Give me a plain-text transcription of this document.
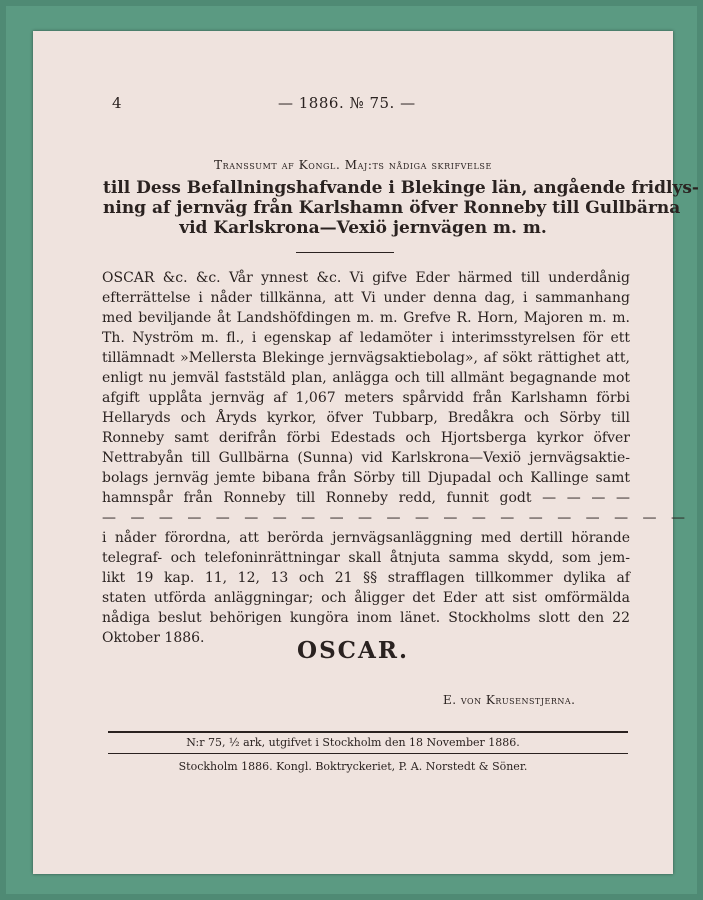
4	— 1886. № 75. —
Transsumt af Kongl. Maj:ts nådiga skrifvelse
till Dess Befallningshafvande i Blekinge län, angående fridlys-
ning af jernväg från Karlshamn öfver Ronneby till Gullbärna
vid Karlskrona—Vexiö jernvägen m. m.
OSCAR &c. &c. Vår ynnest &c. Vi gifve Eder härmed till underdånig
efterrättelse i nåder tillkänna, att Vi under denna dag, i sammanhang
med beviljande åt Landshöfdingen m. m. Grefve R. Horn, Majoren m. m.
Th. Nyström m. fl., i egenskap af ledamöter i interimsstyrelsen för ett
tillämnadt »Mellersta Blekinge jernvägsaktiebolag», af sökt rättighet att,
enligt nu jemväl faststäld plan, anlägga och till allmänt begagnande mot
afgift upplåta jernväg af 1,067 meters spårvidd från Karlshamn förbi
Hellaryds och Åryds kyrkor, öfver Tubbarp, Bredåkra och Sörby till
Ronneby samt derifrån förbi Edestads och Hjortsberga kyrkor öfver
Nettrabyån till Gullbärna (Sunna) vid Karlskrona—Vexiö jernvägsaktie-
bolags jernväg jemte bibana från Sörby till Djupadal och Kallinge samt
hamnspår från Ronneby till Ronneby redd, funnit godt — — — —
— — — — — — — — — — — — — — — — — — — — —
i nåder förordna, att berörda jernvägsanläggning med dertill hörande
telegraf- och telefoninrättningar skall åtnjuta samma skydd, som jem-
likt 19 kap. 11, 12, 13 och 21 §§ strafflagen tillkommer dylika af
staten utförda anläggningar; och åligger det Eder att sist omförmälda
nådiga beslut behörigen kungöra inom länet. Stockholms slott den 22
Oktober 1886.	OSCAR.
E. von Krusenstjerna.
N:r 75, ½ ark, utgifvet i Stockholm den 18 November 1886.
Stockholm 1886. Kongl. Boktryckeriet, P. A. Norstedt & Söner.
